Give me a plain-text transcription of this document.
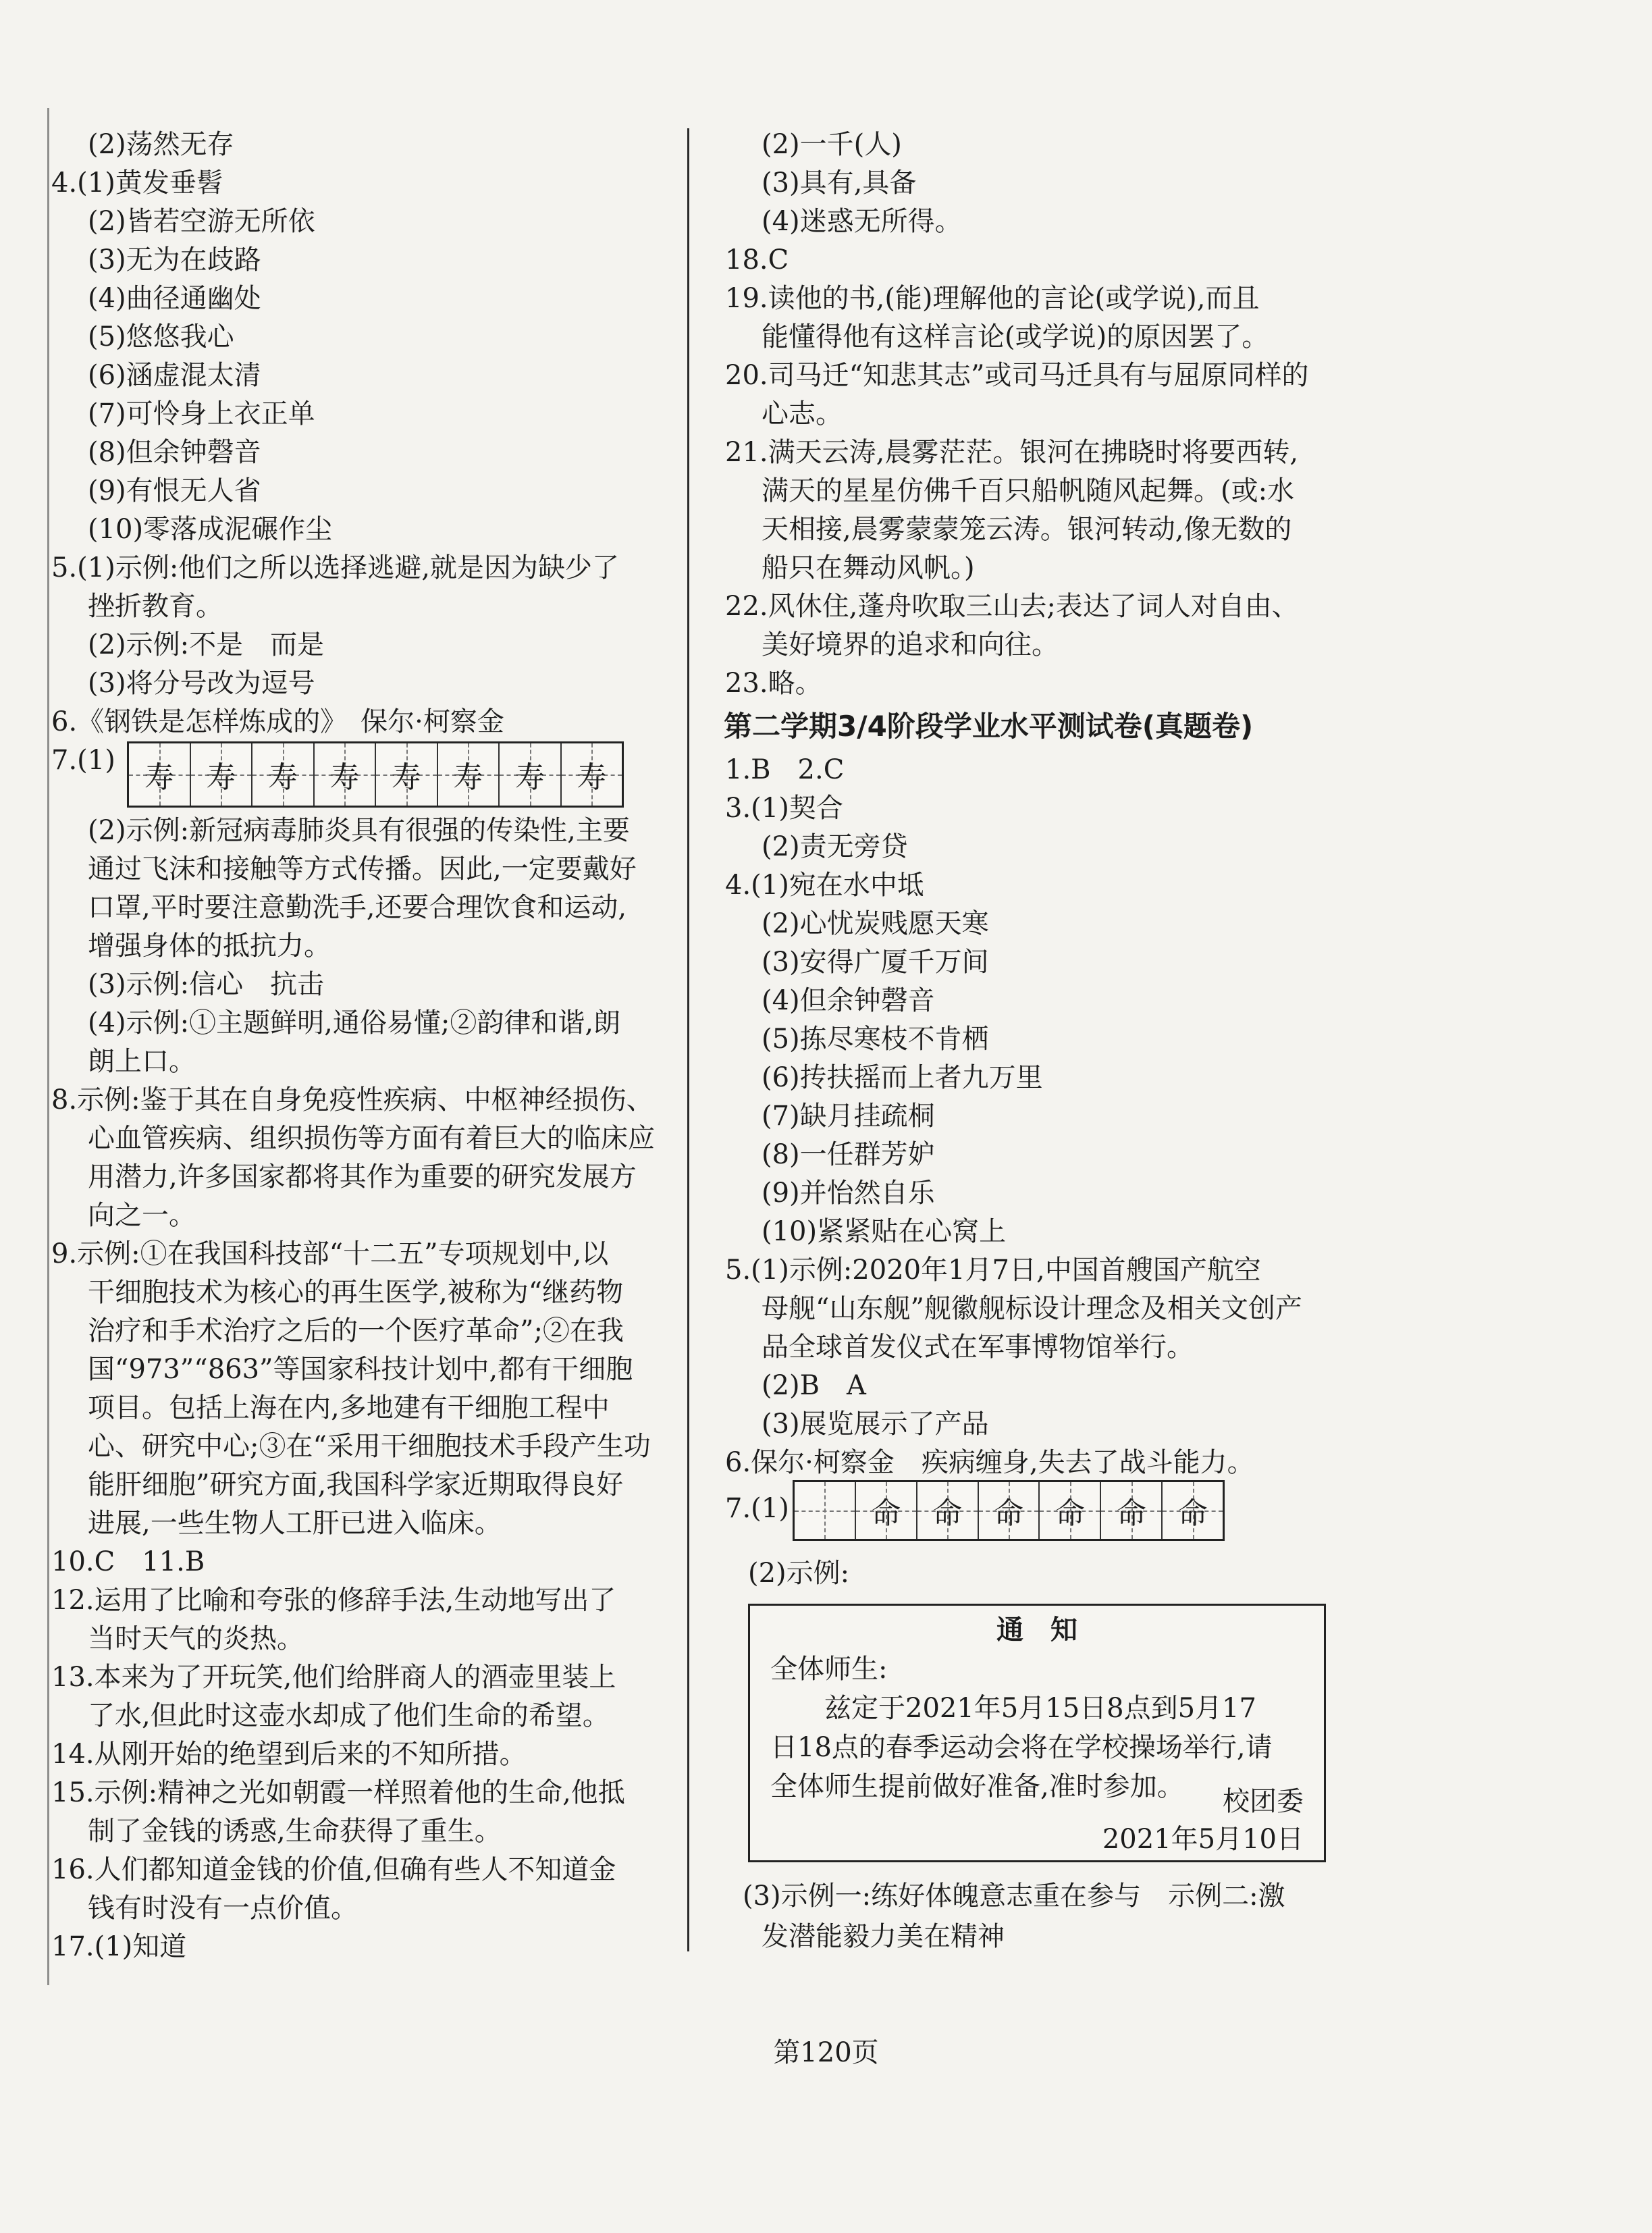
(2)荡然无存
4.(1)黄发垂髫
(2)皆若空游无所依
(3)无为在歧路
(4)曲径通幽处
(5)悠悠我心
(6)涵虚混太清
(7)可怜身上衣正单
(8)但余钟磬音
(9)有恨无人省
(10)零落成泥碾作尘
5.(1)示例:他们之所以选择逃避,就是因为缺少了
挫折教育。
(2)示例:不是　而是
(3)将分号改为逗号
6.《钢铁是怎样炼成的》　保尔·柯察金
7.(1) 寿 寿 寿 寿 寿 寿 寿 寿
(2)示例:新冠病毒肺炎具有很强的传染性,主要
通过飞沫和接触等方式传播。因此,一定要戴好
口罩,平时要注意勤洗手,还要合理饮食和运动,
增强身体的抵抗力。
(3)示例:信心　抗击
(4)示例:①主题鲜明,通俗易懂;②韵律和谐,朗
朗上口。
8.示例:鉴于其在自身免疫性疾病、中枢神经损伤、
心血管疾病、组织损伤等方面有着巨大的临床应
用潜力,许多国家都将其作为重要的研究发展方
向之一。
9.示例:①在我国科技部“十二五”专项规划中,以
干细胞技术为核心的再生医学,被称为“继药物
治疗和手术治疗之后的一个医疗革命”;②在我
国“973”“863”等国家科技计划中,都有干细胞
项目。包括上海在内,多地建有干细胞工程中
心、研究中心;③在“采用干细胞技术手段产生功
能肝细胞”研究方面,我国科学家近期取得良好
进展,一些生物人工肝已进入临床。
10.C　11.B
12.运用了比喻和夸张的修辞手法,生动地写出了
当时天气的炎热。
13.本来为了开玩笑,他们给胖商人的酒壶里装上
了水,但此时这壶水却成了他们生命的希望。
14.从刚开始的绝望到后来的不知所措。
15.示例:精神之光如朝霞一样照着他的生命,他抵
制了金钱的诱惑,生命获得了重生。
16.人们都知道金钱的价值,但确有些人不知道金
钱有时没有一点价值。
17.(1)知道
(2)一千(人)
(3)具有,具备
(4)迷惑无所得。
18.C
19.读他的书,(能)理解他的言论(或学说),而且
能懂得他有这样言论(或学说)的原因罢了。
20.司马迁“知悲其志”或司马迁具有与屈原同样的
心志。
21.满天云涛,晨雾茫茫。银河在拂晓时将要西转,
满天的星星仿佛千百只船帆随风起舞。(或:水
天相接,晨雾蒙蒙笼云涛。银河转动,像无数的
船只在舞动风帆。)
22.风休住,蓬舟吹取三山去;表达了词人对自由、
美好境界的追求和向往。
23.略。
第二学期3/4阶段学业水平测试卷(真题卷)
1.B　2.C
3.(1)契合
(2)责无旁贷
4.(1)宛在水中坻
(2)心忧炭贱愿天寒
(3)安得广厦千万间
(4)但余钟磬音
(5)拣尽寒枝不肯栖
(6)抟扶摇而上者九万里
(7)缺月挂疏桐
(8)一任群芳妒
(9)并怡然自乐
(10)紧紧贴在心窝上
5.(1)示例:2020年1月7日,中国首艘国产航空
母舰“山东舰”舰徽舰标设计理念及相关文创产
品全球首发仪式在军事博物馆举行。
(2)B　A
(3)展览展示了产品
6.保尔·柯察金　疾病缠身,失去了战斗能力。
7.(1)	命 命 命 命 命 命
(2)示例:
通　知
全体师生:
兹定于2021年5月15日8点到5月17
日18点的春季运动会将在学校操场举行,请
全体师生提前做好准备,准时参加。 校团委
2021年5月10日
(3)示例一:练好体魄意志重在参与　示例二:激
发潜能毅力美在精神
第120页
